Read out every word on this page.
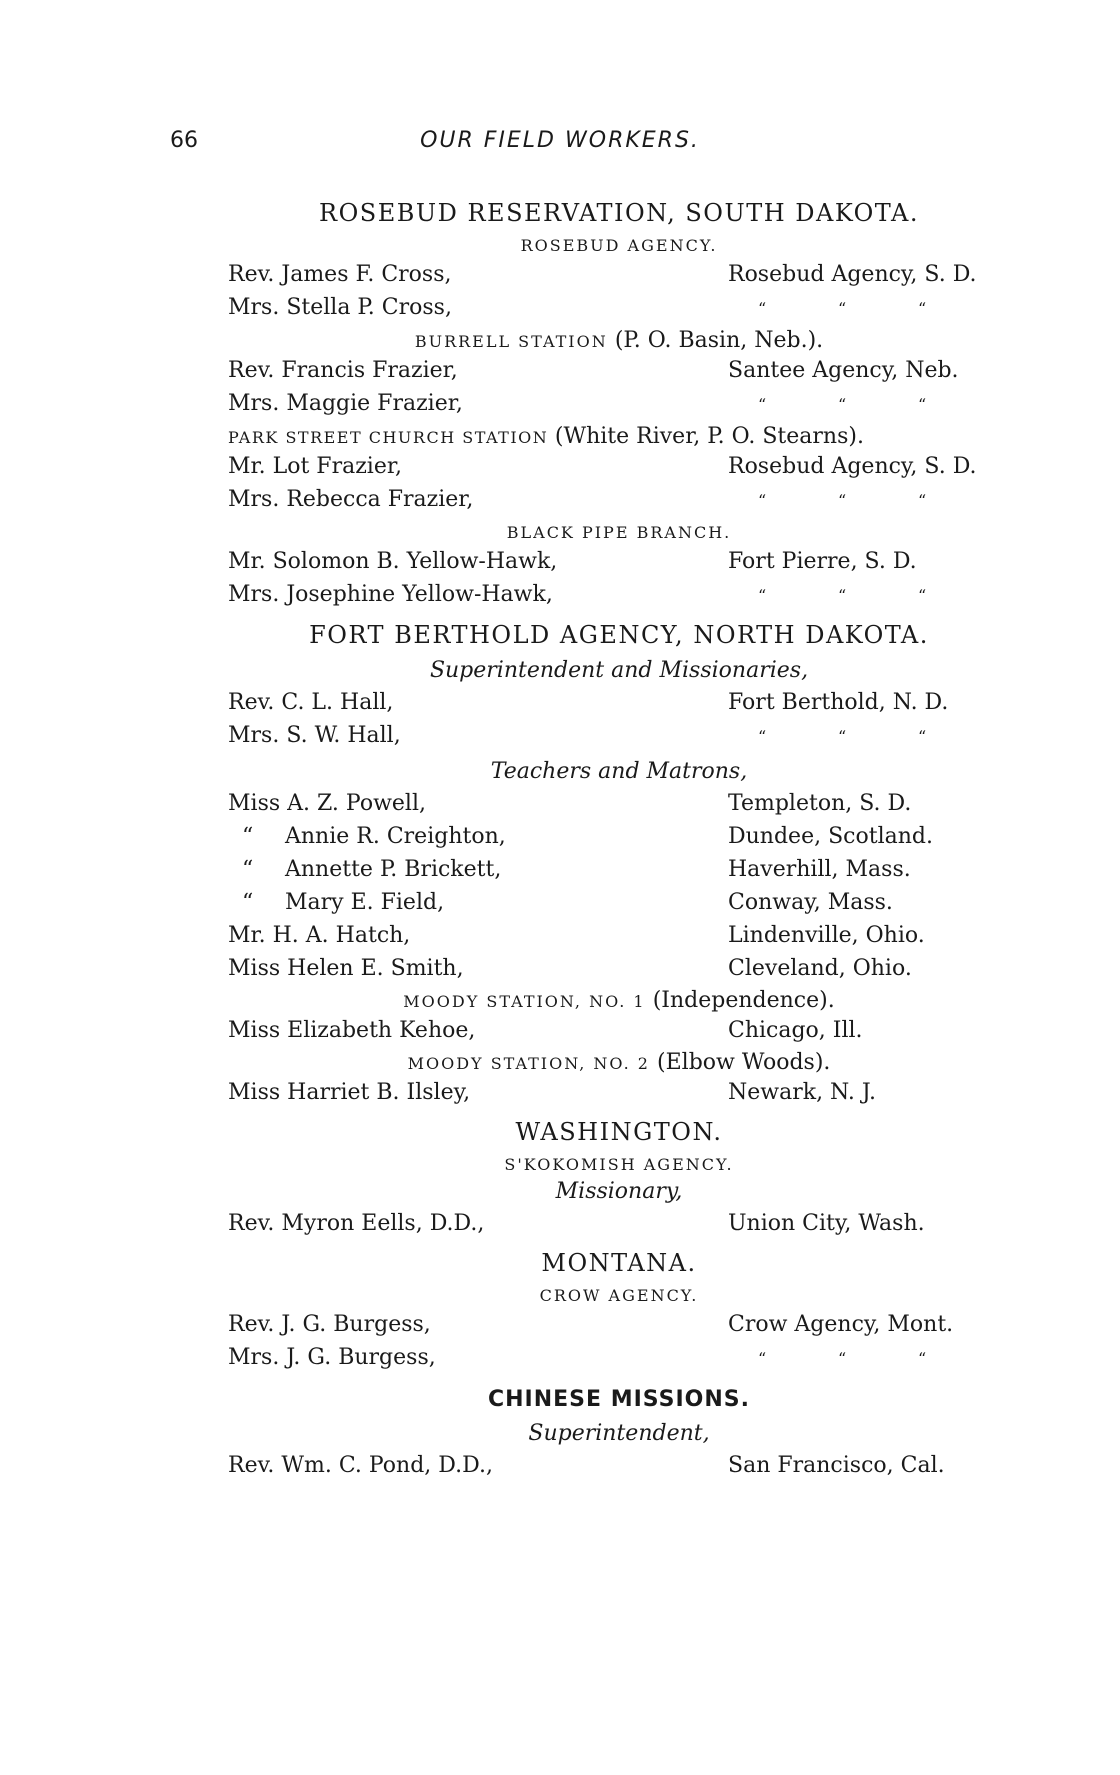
66	OUR FIELD WORKERS.
ROSEBUD RESERVATION, SOUTH DAKOTA.
ROSEBUD AGENCY.
Rev. James F. Cross,	Rosebud Agency, S. D.
Mrs. Stella P. Cross,	“	“	“
BURRELL STATION (P. O. Basin, Neb.).
Rev. Francis Frazier,	Santee Agency, Neb.
Mrs. Maggie Frazier,	“	“	“
PARK STREET CHURCH STATION (White River, P. O. Stearns).
Mr. Lot Frazier,	Rosebud Agency, S. D.
Mrs. Rebecca Frazier,	“	“	“
BLACK PIPE BRANCH.
Mr. Solomon B. Yellow-Hawk,	Fort Pierre, S. D.
Mrs. Josephine Yellow-Hawk,	“	“	“
FORT BERTHOLD AGENCY, NORTH DAKOTA.
Superintendent and Missionaries,
Rev. C. L. Hall,	Fort Berthold, N. D.
Mrs. S. W. Hall,	“	“	“
Teachers and Matrons,
Miss A. Z. Powell,	Templeton, S. D.
“ Annie R. Creighton,	Dundee, Scotland.
“ Annette P. Brickett,	Haverhill, Mass.
“ Mary E. Field,	Conway, Mass.
Mr. H. A. Hatch,	Lindenville, Ohio.
Miss Helen E. Smith,	Cleveland, Ohio.
MOODY STATION, NO. 1 (Independence).
Miss Elizabeth Kehoe,	Chicago, Ill.
MOODY STATION, NO. 2 (Elbow Woods).
Miss Harriet B. Ilsley,	Newark, N. J.
WASHINGTON.
S'KOKOMISH AGENCY.
Missionary,
Rev. Myron Eells, D.D.,	Union City, Wash.
MONTANA.
CROW AGENCY.
Rev. J. G. Burgess,	Crow Agency, Mont.
Mrs. J. G. Burgess,	“	“	“
CHINESE MISSIONS.
Superintendent,
Rev. Wm. C. Pond, D.D.,	San Francisco, Cal.
